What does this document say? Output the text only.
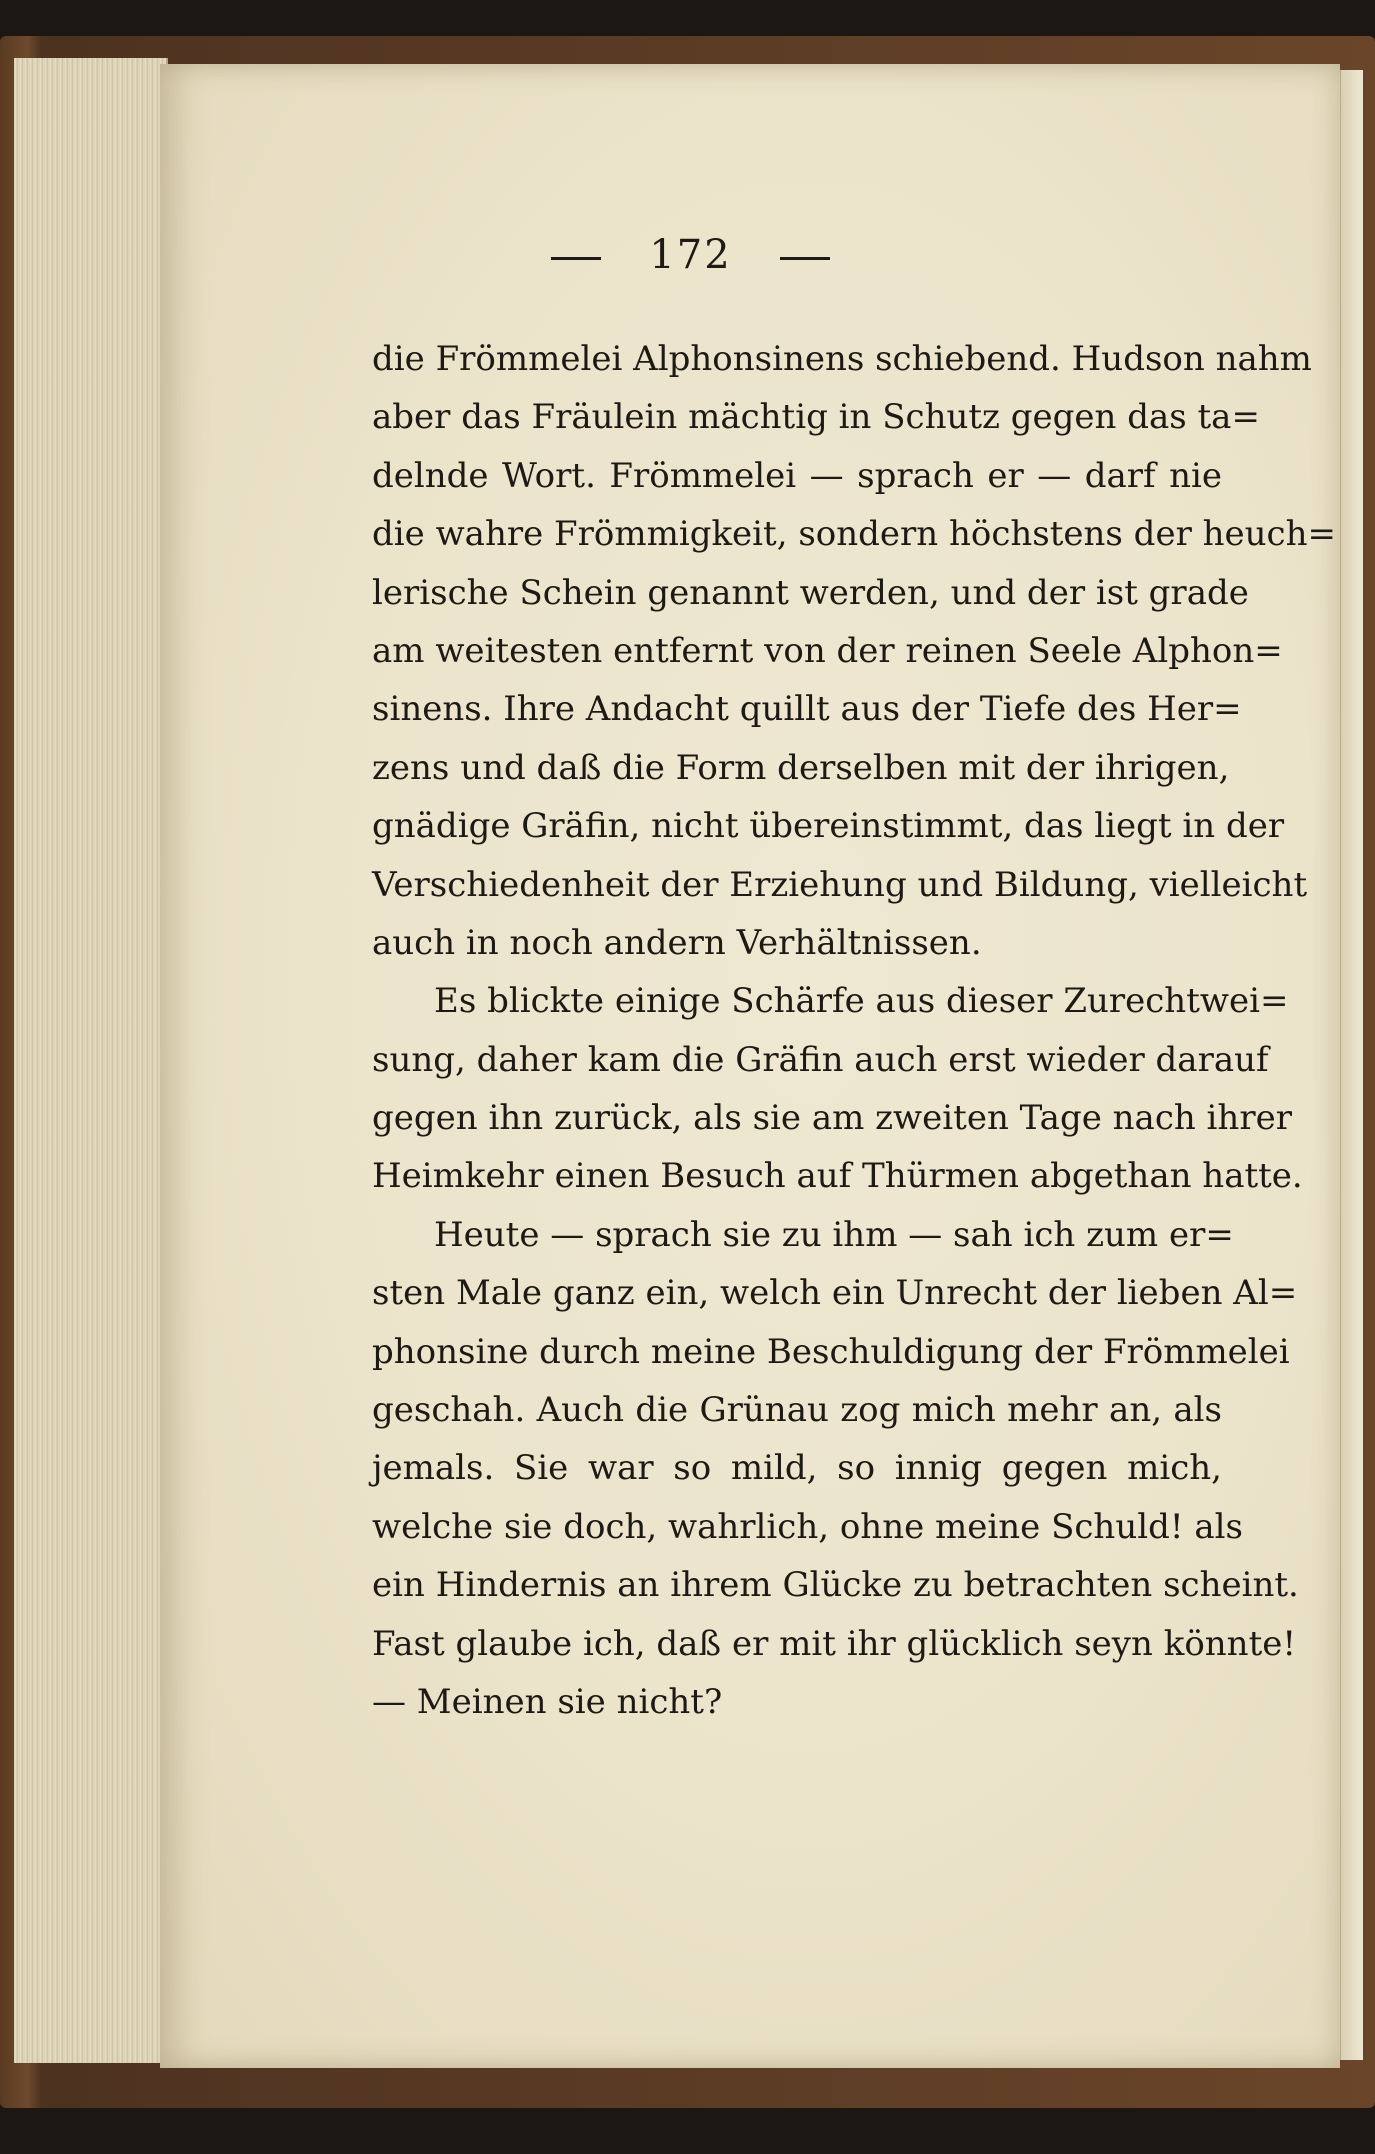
172
die Frömmelei Alphonsinens schiebend. Hudson nahm
aber das Fräulein mächtig in Schutz gegen das ta=
delnde Wort. Frömmelei — sprach er — darf nie
die wahre Frömmigkeit, sondern höchstens der heuch=
lerische Schein genannt werden, und der ist grade
am weitesten entfernt von der reinen Seele Alphon=
sinens. Ihre Andacht quillt aus der Tiefe des Her=
zens und daß die Form derselben mit der ihrigen,
gnädige Gräfin, nicht übereinstimmt, das liegt in der
Verschiedenheit der Erziehung und Bildung, vielleicht
auch in noch andern Verhältnissen.
Es blickte einige Schärfe aus dieser Zurechtwei=
sung, daher kam die Gräfin auch erst wieder darauf
gegen ihn zurück, als sie am zweiten Tage nach ihrer
Heimkehr einen Besuch auf Thürmen abgethan hatte.
Heute — sprach sie zu ihm — sah ich zum er=
sten Male ganz ein, welch ein Unrecht der lieben Al=
phonsine durch meine Beschuldigung der Frömmelei
geschah. Auch die Grünau zog mich mehr an, als
jemals. Sie war so mild, so innig gegen mich,
welche sie doch, wahrlich, ohne meine Schuld! als
ein Hindernis an ihrem Glücke zu betrachten scheint.
Fast glaube ich, daß er mit ihr glücklich seyn könnte!
— Meinen sie nicht?
